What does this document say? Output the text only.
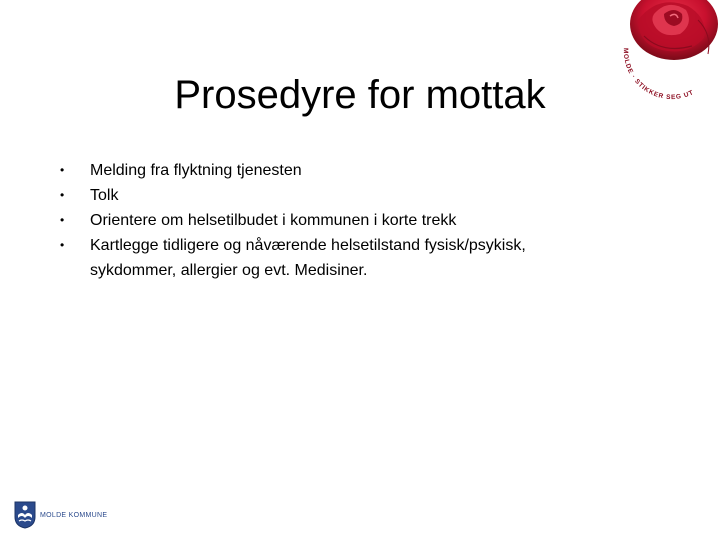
MOLDE · STIKKER SEG UT
Prosedyre for mottak
• Melding fra flyktning tjenesten
• Tolk
• Orientere om helsetilbudet i kommunen i korte trekk
• Kartlegge tidligere og nåværende helsetilstand fysisk/psykisk, sykdommer, allergier og evt. Medisiner.
MOLDE KOMMUNE
